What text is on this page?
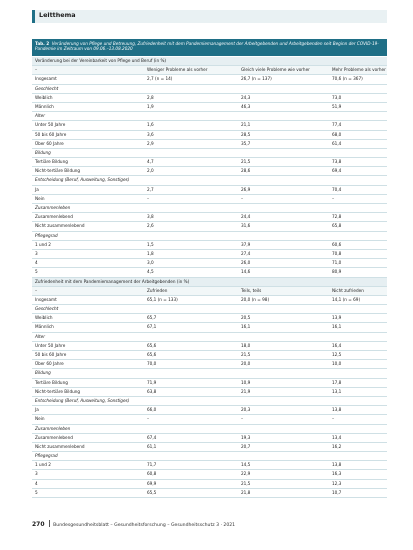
Leitthema
Tab. 2 Veränderung von Pflege und Betreuung, Zufriedenheit mit dem Pandemiemanagement der Arbeitgebenden und Arbeitgebenden seit Beginn der COVID-19-Pandemie im Zeitraum von 09.06.–13.08.2020
Veränderung bei der Vereinbarkeit von Pflege und Beruf (in %)
–	Weniger Probleme als vorher	Gleich viele Probleme wie vorher	Mehr Probleme als vorher
Insgesamt	2,7 (n = 14)	26,7 (n = 137)	70,6 (n = 367)
Geschlecht
Weiblich	2,8	24,3	73,0
Männlich	1,9	46,3	51,9
Alter
Unter 50 Jahre	1,6	21,1	77,4
50 bis 60 Jahre	3,6	28,5	68,0
Über 60 Jahre	2,9	35,7	61,4
Bildung
Tertiäre Bildung	4,7	21,5	73,8
Nicht-tertiäre Bildung	2,0	28,6	69,4
Entscheidung (Beruf, Ausweitung, Sonstiges)
Ja	2,7	26,9	70,4
Nein	–	–	–
Zusammenleben
Zusammenlebend	3,8	24,4	72,8
Nicht zusammenlebend	2,6	31,6	65,8
Pflegegrad
1 und 2	1,5	37,9	60,6
3	1,8	27,4	70,8
4	3,0	26,0	71,0
5	4,5	14,6	80,9
Zufriedenheit mit dem Pandemiemanagement der Arbeitgebenden (in %)
–	Zufrieden	Teils, teils	Nicht zufrieden
Insgesamt	65,1 (n = 133)	20,0 (n = 98)	14,1 (n = 69)
Geschlecht
Weiblich	65,7	20,5	13,9
Männlich	67,1	16,1	16,1
Alter
Unter 50 Jahre	65,6	18,0	16,4
50 bis 60 Jahre	65,6	21,5	12,5
Über 60 Jahre	70,0	20,0	10,0
Bildung
Tertiäre Bildung	71,9	10,9	17,8
Nicht-tertiäre Bildung	63,8	21,9	13,1
Entscheidung (Beruf, Ausweitung, Sonstiges)
Ja	66,0	20,3	13,8
Nein	–	–	–
Zusammenleben
Zusammenlebend	67,4	19,3	13,4
Nicht zusammenlebend	61,1	20,7	16,2
Pflegegrad
1 und 2	71,7	14,5	13,8
3	60,8	22,9	16,3
4	69,9	21,5	12,3
5	65,5	21,8	10,7
270 Bundesgesundheitsblatt – Gesundheitsforschung – Gesundheitsschutz 3 · 2021
